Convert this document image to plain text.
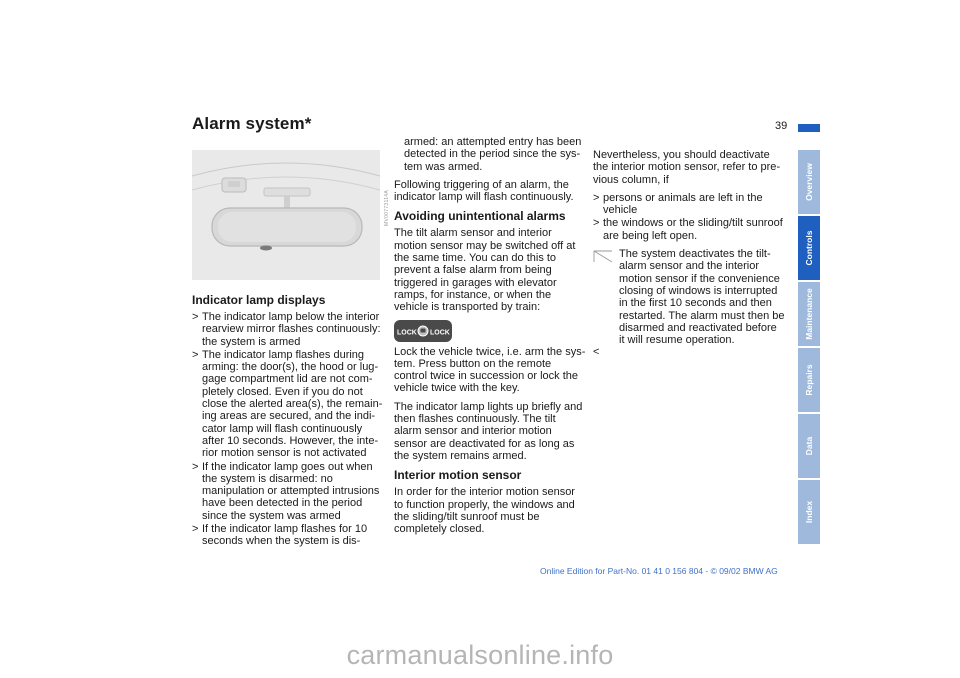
Alarm system*	39
MV00773114A
Indicator lamp displays
> The indicator lamp below the interior rearview mirror flashes continuously: the system is armed
> The indicator lamp flashes during arming: the door(s), the hood or luggage compartment lid are not completely closed. Even if you do not close the alerted area(s), the remaining areas are secured, and the indicator lamp will flash continuously after 10 seconds. However, the interior motion sensor is not activated
> If the indicator lamp goes out when the system is disarmed: no manipulation or attempted intrusions have been detected in the period since the system was armed
> If the indicator lamp flashes for 10 seconds when the system is dis-

armed: an attempted entry has been detected in the period since the system was armed.

Following triggering of an alarm, the indicator lamp will flash continuously.

Avoiding unintentional alarms

The tilt alarm sensor and interior motion sensor may be switched off at the same time. You can do this to prevent a false alarm from being triggered in garages with elevator ramps, for instance, or when the vehicle is transported by train:

LOCK LOCK

Lock the vehicle twice, i.e. arm the system. Press button on the remote control twice in succession or lock the vehicle twice with the key.

The indicator lamp lights up briefly and then flashes continuously. The tilt alarm sensor and interior motion sensor are deactivated for as long as the system remains armed.

Interior motion sensor

In order for the interior motion sensor to function properly, the windows and the sliding/tilt sunroof must be completely closed.

Nevertheless, you should deactivate the interior motion sensor, refer to previous column, if

> persons or animals are left in the vehicle
> the windows or the sliding/tilt sunroof are being left open.

The system deactivates the tilt-alarm sensor and the interior motion sensor if the convenience closing of windows is interrupted in the first 10 seconds and then restarted. The alarm must then be disarmed and reactivated before it will resume operation.
<

Overview
Controls
Maintenance
Repairs
Data
Index
Online Edition for Part-No. 01 41 0 156 804 - © 09/02 BMW AG
carmanualsonline.info
